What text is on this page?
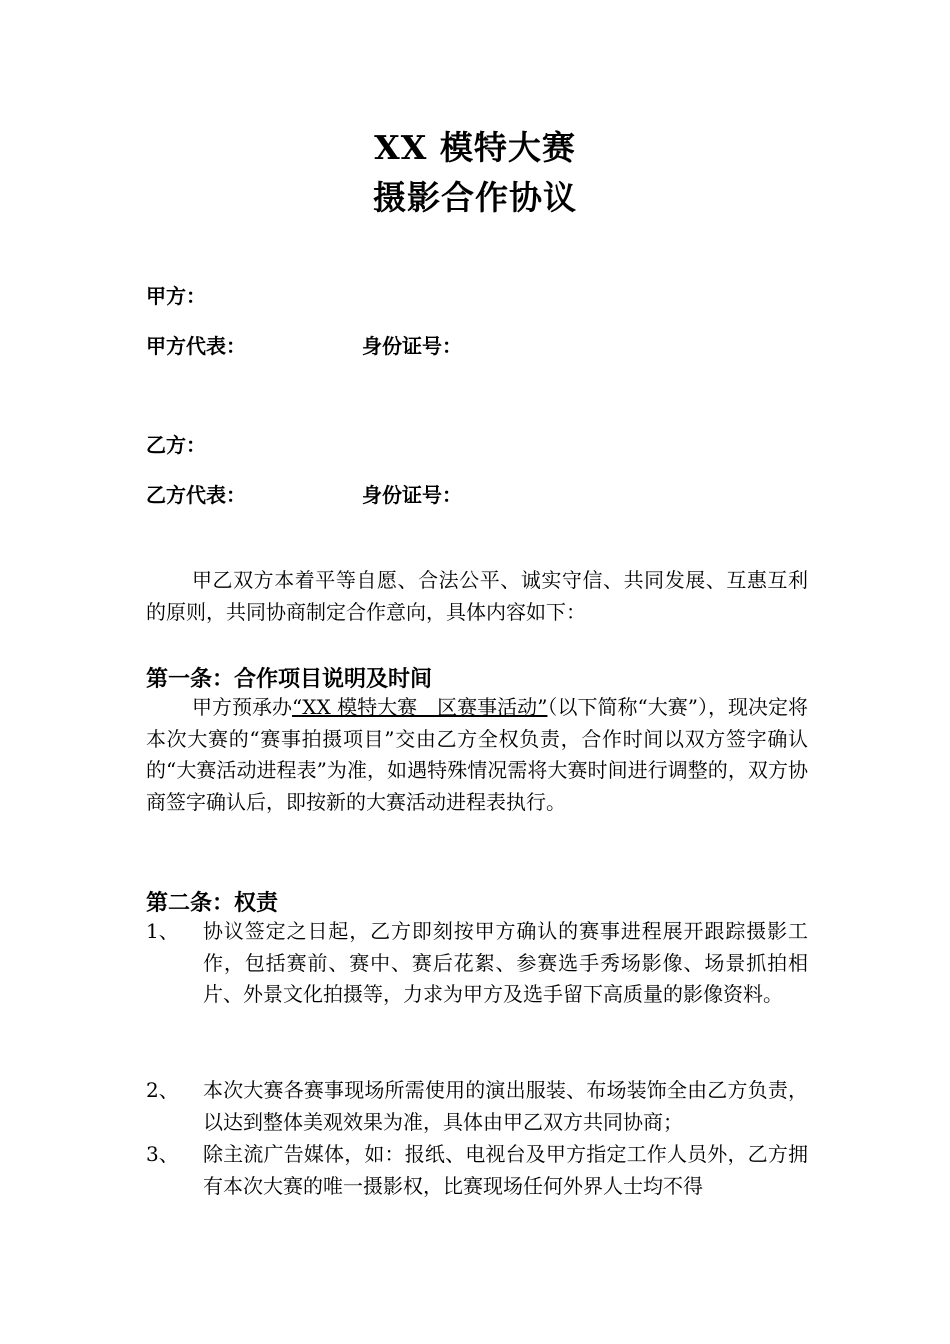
XX 模特大赛
摄影合作协议
甲方：
甲方代表：	身份证号：
乙方：
乙方代表：	身份证号：
甲乙双方本着平等自愿、合法公平、诚实守信、共同发展、互惠互利的原则，共同协商制定合作意向，具体内容如下：
第一条：合作项目说明及时间
甲方预承办“XX 模特大赛　区赛事活动”（以下简称“大赛”），现决定将本次大赛的“赛事拍摄项目”交由乙方全权负责，合作时间以双方签字确认的“大赛活动进程表”为准，如遇特殊情况需将大赛时间进行调整的，双方协商签字确认后，即按新的大赛活动进程表执行。
第二条：权责
1、	协议签定之日起，乙方即刻按甲方确认的赛事进程展开跟踪摄影工作，包括赛前、赛中、赛后花絮、参赛选手秀场影像、场景抓拍相片、外景文化拍摄等，力求为甲方及选手留下高质量的影像资料。
2、	本次大赛各赛事现场所需使用的演出服装、布场装饰全由乙方负责，以达到整体美观效果为准，具体由甲乙双方共同协商；
3、	除主流广告媒体，如：报纸、电视台及甲方指定工作人员外，乙方拥有本次大赛的唯一摄影权，比赛现场任何外界人士均不得
